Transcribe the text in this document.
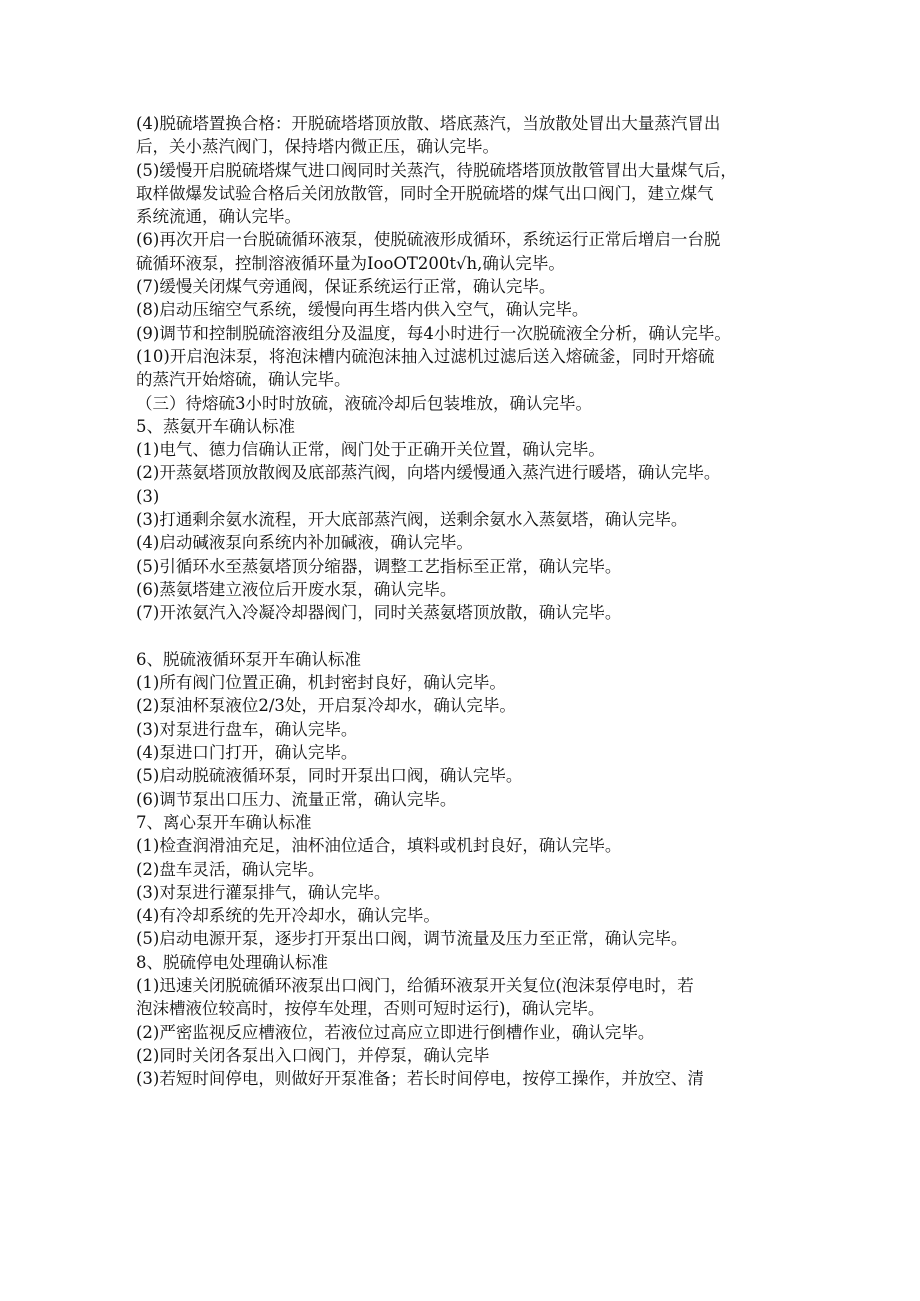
(4)脱硫塔置换合格：开脱硫塔塔顶放散、塔底蒸汽，当放散处冒出大量蒸汽冒出
后，关小蒸汽阀门，保持塔内微正压，确认完毕。
(5)缓慢开启脱硫塔煤气进口阀同时关蒸汽，待脱硫塔塔顶放散管冒出大量煤气后，
取样做爆发试验合格后关闭放散管，同时全开脱硫塔的煤气出口阀门，建立煤气
系统流通，确认完毕。
(6)再次开启一台脱硫循环液泵，使脱硫液形成循环，系统运行正常后增启一台脱
硫循环液泵，控制溶液循环量为IooOT200t√h,确认完毕。
(7)缓慢关闭煤气旁通阀，保证系统运行正常，确认完毕。
(8)启动压缩空气系统，缓慢向再生塔内供入空气，确认完毕。
(9)调节和控制脱硫溶液组分及温度，每4小时进行一次脱硫液全分析，确认完毕。
(10)开启泡沫泵，将泡沫槽内硫泡沫抽入过滤机过滤后送入熔硫釜，同时开熔硫
的蒸汽开始熔硫，确认完毕。
（三）待熔硫3小时时放硫，液硫冷却后包装堆放，确认完毕。
5、蒸氨开车确认标准
(1)电气、德力信确认正常，阀门处于正确开关位置，确认完毕。
(2)开蒸氨塔顶放散阀及底部蒸汽阀，向塔内缓慢通入蒸汽进行暖塔，确认完毕。
(3)
(3)打通剩余氨水流程，开大底部蒸汽阀，送剩余氨水入蒸氨塔，确认完毕。
(4)启动碱液泵向系统内补加碱液，确认完毕。
(5)引循环水至蒸氨塔顶分缩器，调整工艺指标至正常，确认完毕。
(6)蒸氨塔建立液位后开废水泵，确认完毕。
(7)开浓氨汽入冷凝冷却器阀门，同时关蒸氨塔顶放散，确认完毕。
6、脱硫液循环泵开车确认标准
(1)所有阀门位置正确，机封密封良好，确认完毕。
(2)泵油杯泵液位2/3处，开启泵冷却水，确认完毕。
(3)对泵进行盘车，确认完毕。
(4)泵进口门打开，确认完毕。
(5)启动脱硫液循环泵，同时开泵出口阀，确认完毕。
(6)调节泵出口压力、流量正常，确认完毕。
7、离心泵开车确认标准
(1)检查润滑油充足，油杯油位适合，填料或机封良好，确认完毕。
(2)盘车灵活，确认完毕。
(3)对泵进行灌泵排气，确认完毕。
(4)有冷却系统的先开冷却水，确认完毕。
(5)启动电源开泵，逐步打开泵出口阀，调节流量及压力至正常，确认完毕。
8、脱硫停电处理确认标准
(1)迅速关闭脱硫循环液泵出口阀门，给循环液泵开关复位(泡沫泵停电时，若
泡沫槽液位较高时，按停车处理，否则可短时运行)，确认完毕。
(2)严密监视反应槽液位，若液位过高应立即进行倒槽作业，确认完毕。
(2)同时关闭各泵出入口阀门，并停泵，确认完毕
(3)若短时间停电，则做好开泵准备；若长时间停电，按停工操作，并放空、清
